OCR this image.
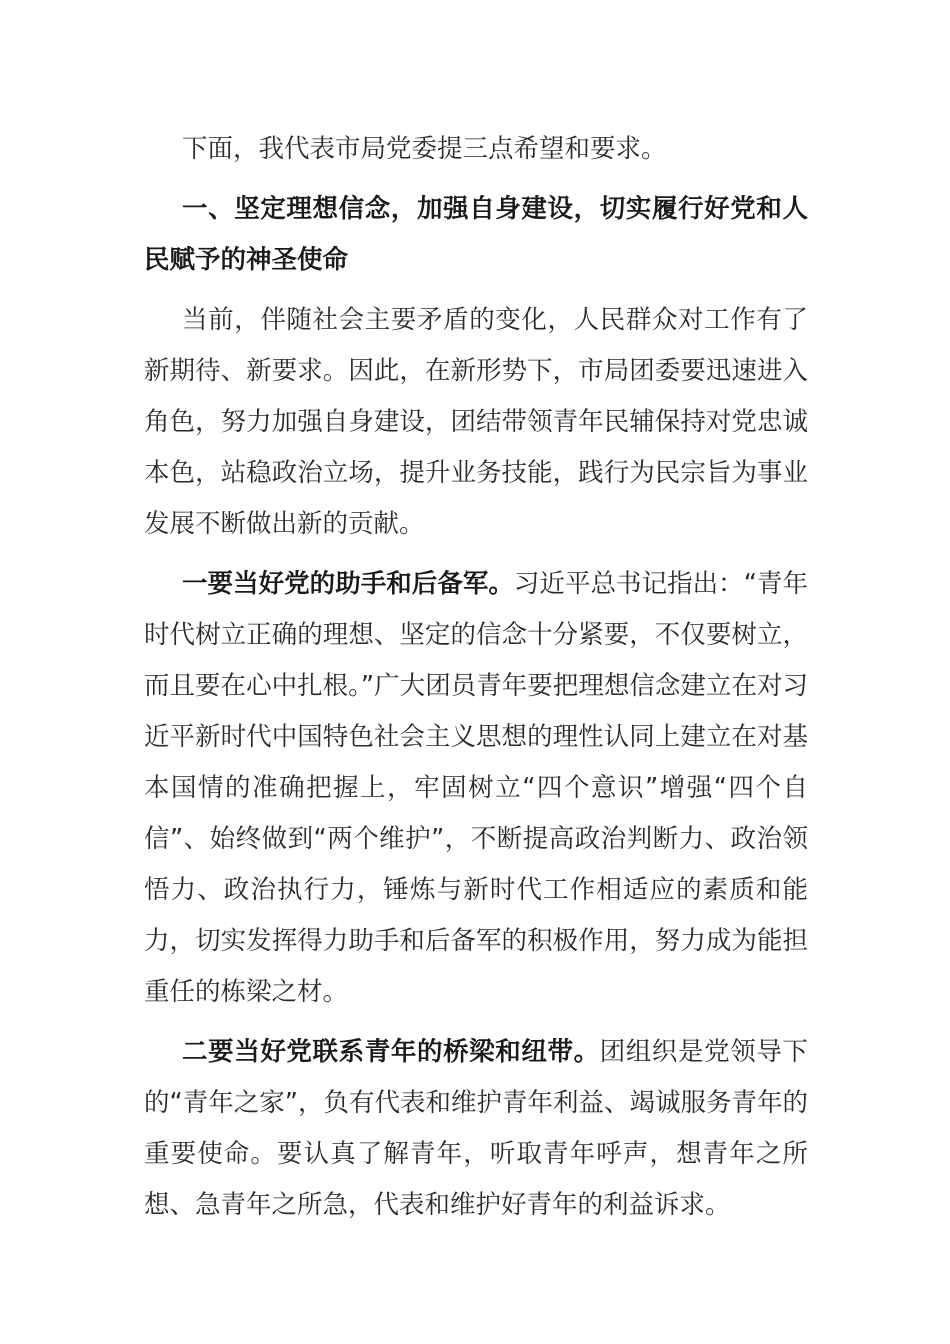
下面，我代表市局党委提三点希望和要求。

一、坚定理想信念，加强自身建设，切实履行好党和人民赋予的神圣使命

当前，伴随社会主要矛盾的变化，人民群众对工作有了新期待、新要求。因此，在新形势下，市局团委要迅速进入角色，努力加强自身建设，团结带领青年民辅保持对党忠诚本色，站稳政治立场，提升业务技能，践行为民宗旨为事业发展不断做出新的贡献。

一要当好党的助手和后备军。习近平总书记指出：“青年时代树立正确的理想、坚定的信念十分紧要，不仅要树立，而且要在心中扎根。”广大团员青年要把理想信念建立在对习近平新时代中国特色社会主义思想的理性认同上建立在对基本国情的准确把握上，牢固树立“四个意识”增强“四个自信”、始终做到“两个维护”，不断提高政治判断力、政治领悟力、政治执行力，锤炼与新时代工作相适应的素质和能力，切实发挥得力助手和后备军的积极作用，努力成为能担重任的栋梁之材。

二要当好党联系青年的桥梁和纽带。团组织是党领导下的“青年之家”，负有代表和维护青年利益、竭诚服务青年的重要使命。要认真了解青年，听取青年呼声，想青年之所想、急青年之所急，代表和维护好青年的利益诉求。
